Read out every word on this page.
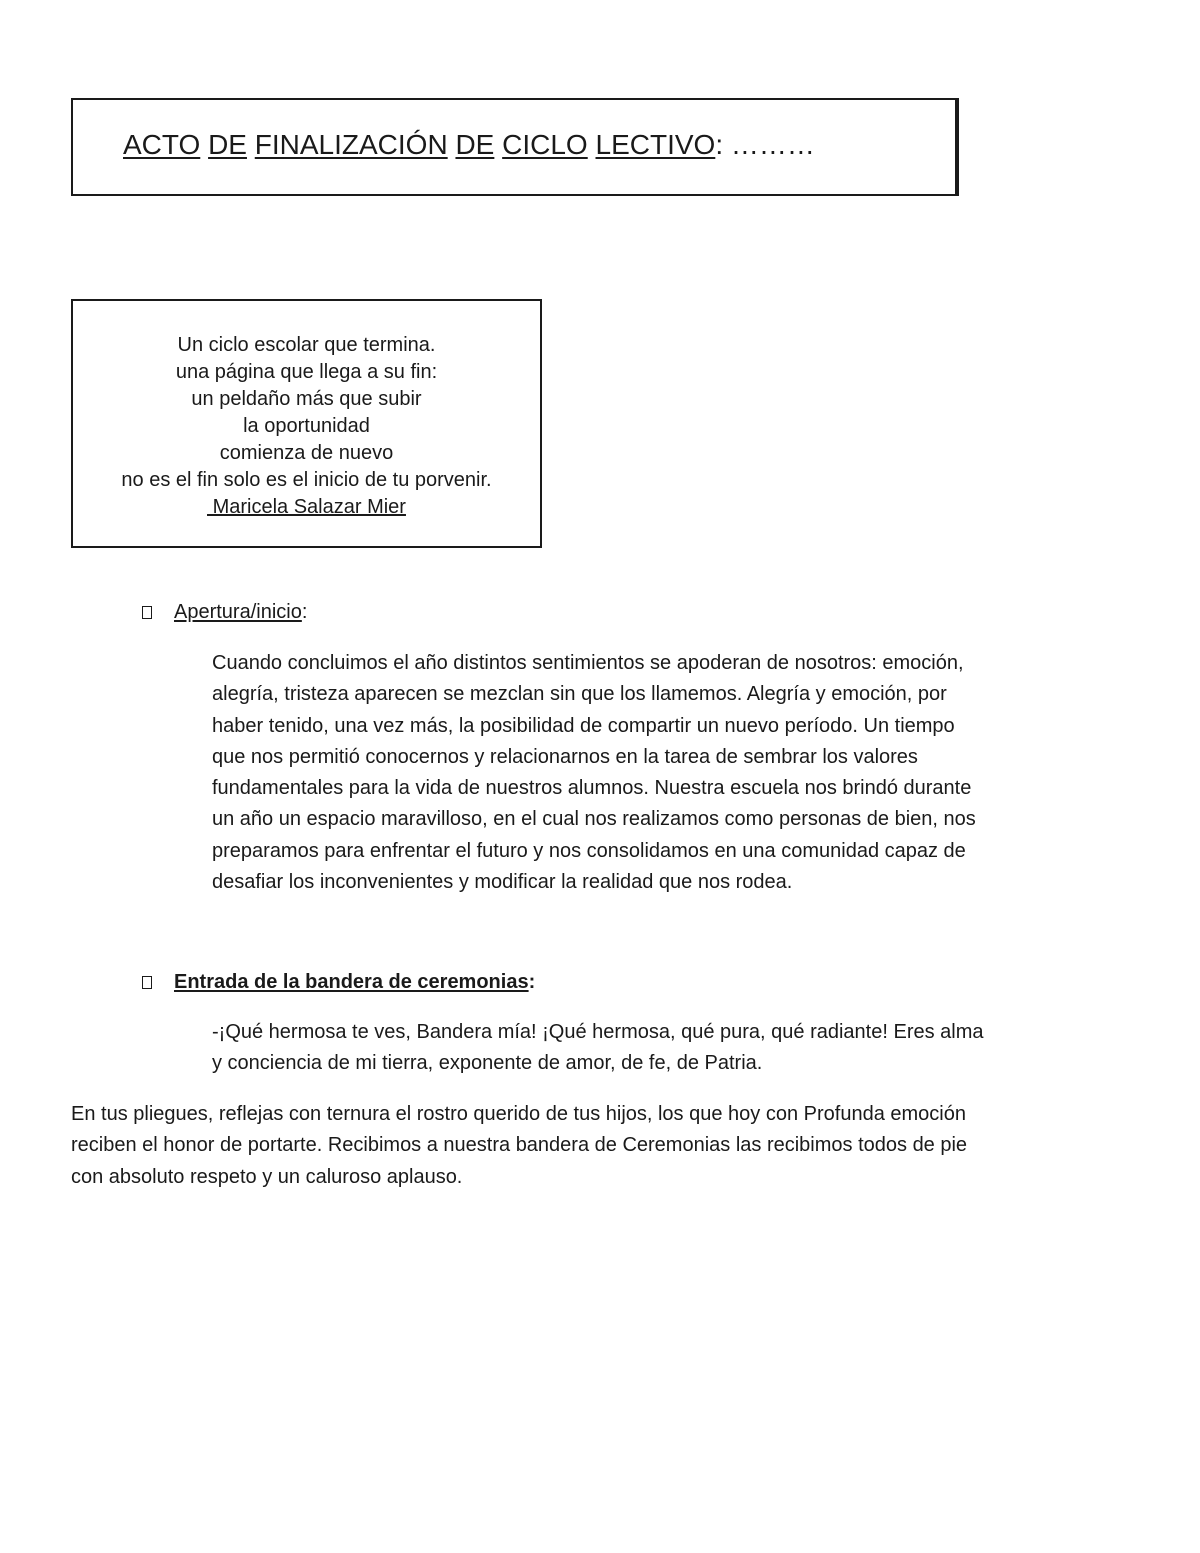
ACTO DE FINALIZACIÓN DE CICLO LECTIVO: ………
Un ciclo escolar que termina.
una página que llega a su fin:
un peldaño más que subir
la oportunidad
comienza de nuevo
no es el fin solo es el inicio de tu porvenir.
Maricela Salazar Mier
Apertura/inicio:

Cuando concluimos el año distintos sentimientos se apoderan de nosotros: emoción,
alegría, tristeza aparecen se mezclan sin que los llamemos. Alegría y emoción, por
haber tenido, una vez más, la posibilidad de compartir un nuevo período. Un tiempo
que nos permitió conocernos y relacionarnos en la tarea de sembrar los valores
fundamentales para la vida de nuestros alumnos. Nuestra escuela nos brindó durante
un año un espacio maravilloso, en el cual nos realizamos como personas de bien, nos
preparamos para enfrentar el futuro y nos consolidamos en una comunidad capaz de
desafiar los inconvenientes y modificar la realidad que nos rodea.

Entrada de la bandera de ceremonias:

-¡Qué hermosa te ves, Bandera mía! ¡Qué hermosa, qué pura, qué radiante! Eres alma
y conciencia de mi tierra, exponente de amor, de fe, de Patria.

En tus pliegues, reflejas con ternura el rostro querido de tus hijos, los que hoy con Profunda emoción
reciben el honor de portarte. Recibimos a nuestra bandera de Ceremonias las recibimos todos de pie
con absoluto respeto y un caluroso aplauso.
